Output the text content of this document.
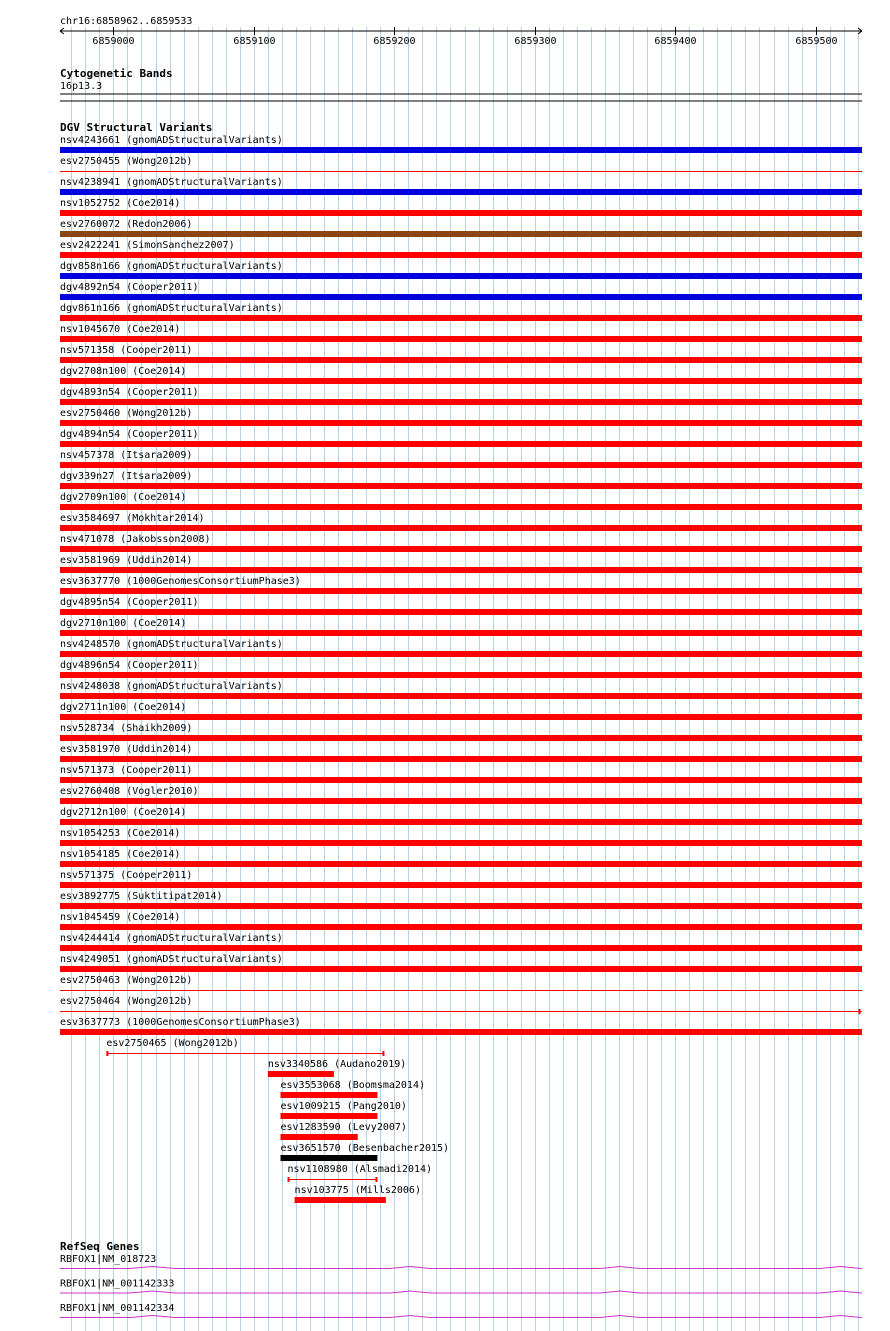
chr16:6858962..6859533
6859000	6859100	6859200	6859300	6859400	6859500
Cytogenetic Bands
16p13.3
DGV Structural Variants
nsv4243661 (gnomADStructuralVariants)
esv2750455 (Wong2012b)
nsv4238941 (gnomADStructuralVariants)
nsv1052752 (Coe2014)
esv2760072 (Redon2006)
esv2422241 (SimonSanchez2007)
dgv858n166 (gnomADStructuralVariants)
dgv4892n54 (Cooper2011)
dgv861n166 (gnomADStructuralVariants)
nsv1045670 (Coe2014)
nsv571358 (Cooper2011)
dgv2708n100 (Coe2014)
dgv4893n54 (Cooper2011)
esv2750460 (Wong2012b)
dgv4894n54 (Cooper2011)
nsv457378 (Itsara2009)
dgv339n27 (Itsara2009)
dgv2709n100 (Coe2014)
esv3584697 (Mokhtar2014)
nsv471078 (Jakobsson2008)
esv3581969 (Uddin2014)
esv3637770 (1000GenomesConsortiumPhase3)
dgv4895n54 (Cooper2011)
dgv2710n100 (Coe2014)
nsv4248570 (gnomADStructuralVariants)
dgv4896n54 (Cooper2011)
nsv4248038 (gnomADStructuralVariants)
dgv2711n100 (Coe2014)
nsv528734 (Shaikh2009)
esv3581970 (Uddin2014)
nsv571373 (Cooper2011)
esv2760408 (Vogler2010)
dgv2712n100 (Coe2014)
nsv1054253 (Coe2014)
nsv1054185 (Coe2014)
nsv571375 (Cooper2011)
esv3892775 (Suktitipat2014)
nsv1045459 (Coe2014)
nsv4244414 (gnomADStructuralVariants)
nsv4249051 (gnomADStructuralVariants)
esv2750463 (Wong2012b)
esv2750464 (Wong2012b)
esv3637773 (1000GenomesConsortiumPhase3)
esv2750465 (Wong2012b)
nsv3340586 (Audano2019)
esv3553068 (Boomsma2014)
esv1009215 (Pang2010)
esv1283590 (Levy2007)
esv3651570 (Besenbacher2015)
nsv1108980 (Alsmadi2014)
nsv103775 (Mills2006)
RefSeq Genes
RBFOX1|NM_018723
RBFOX1|NM_001142333
RBFOX1|NM_001142334
